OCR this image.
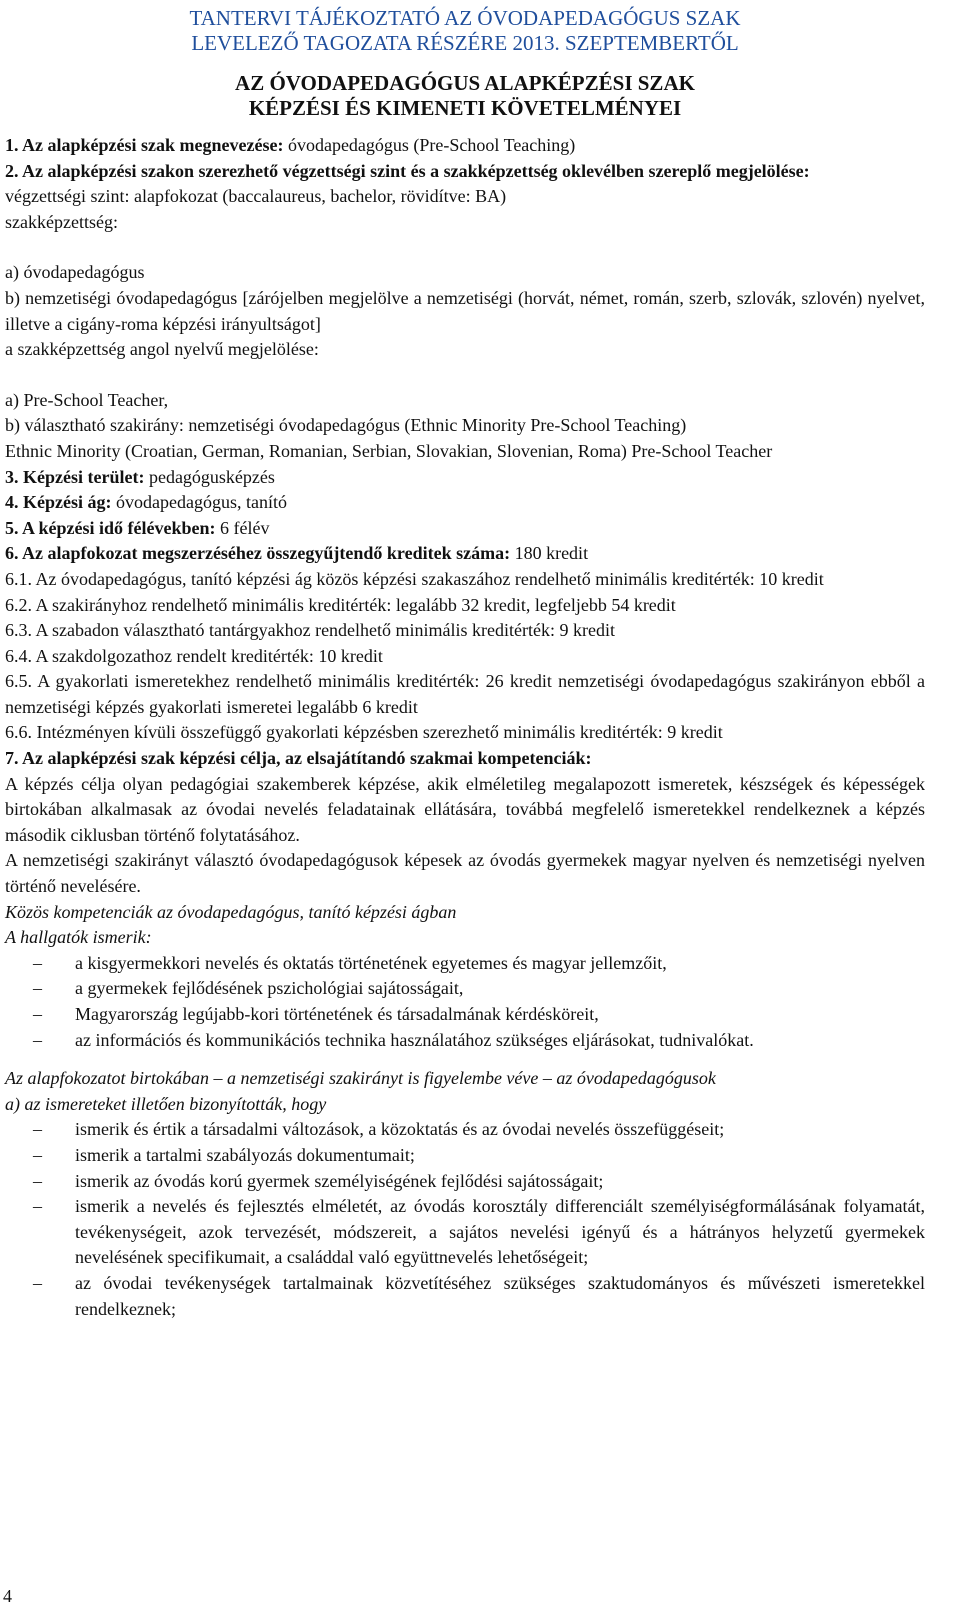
TANTERVI TÁJÉKOZTATÓ AZ ÓVODAPEDAGÓGUS SZAK
LEVELEZŐ TAGOZATA RÉSZÉRE 2013. SZEPTEMBERTŐL
AZ ÓVODAPEDAGÓGUS ALAPKÉPZÉSI SZAK
KÉPZÉSI ÉS KIMENETI KÖVETELMÉNYEI

1. Az alapképzési szak megnevezése: óvodapedagógus (Pre-School Teaching)

2. Az alapképzési szakon szerezhető végzettségi szint és a szakképzettség oklevélben szereplő megjelölése:

végzettségi szint: alapfokozat (baccalaureus, bachelor, rövidítve: BA)

szakképzettség:

a) óvodapedagógus

b) nemzetiségi óvodapedagógus [zárójelben megjelölve a nemzetiségi (horvát, német, román, szerb, szlovák, szlovén) nyelvet, illetve a cigány-roma képzési irányultságot]

a szakképzettség angol nyelvű megjelölése:

a) Pre-School Teacher,

b) választható szakirány: nemzetiségi óvodapedagógus (Ethnic Minority Pre-School Teaching)

Ethnic Minority (Croatian, German, Romanian, Serbian, Slovakian, Slovenian, Roma) Pre-School Teacher

3. Képzési terület: pedagógusképzés

4. Képzési ág: óvodapedagógus, tanító

5. A képzési idő félévekben: 6 félév

6. Az alapfokozat megszerzéséhez összegyűjtendő kreditek száma: 180 kredit

6.1. Az óvodapedagógus, tanító képzési ág közös képzési szakaszához rendelhető minimális kreditérték: 10 kredit

6.2. A szakirányhoz rendelhető minimális kreditérték: legalább 32 kredit, legfeljebb 54 kredit

6.3. A szabadon választható tantárgyakhoz rendelhető minimális kreditérték: 9 kredit

6.4. A szakdolgozathoz rendelt kreditérték: 10 kredit

6.5. A gyakorlati ismeretekhez rendelhető minimális kreditérték: 26 kredit nemzetiségi óvodapedagógus szakirányon ebből a nemzetiségi képzés gyakorlati ismeretei legalább 6 kredit

6.6. Intézményen kívüli összefüggő gyakorlati képzésben szerezhető minimális kreditérték: 9 kredit

7. Az alapképzési szak képzési célja, az elsajátítandó szakmai kompetenciák:

A képzés célja olyan pedagógiai szakemberek képzése, akik elméletileg megalapozott ismeretek, készségek és képességek birtokában alkalmasak az óvodai nevelés feladatainak ellátására, továbbá megfelelő ismeretekkel rendelkeznek a képzés második ciklusban történő folytatásához.

A nemzetiségi szakirányt választó óvodapedagógusok képesek az óvodás gyermekek magyar nyelven és nemzetiségi nyelven történő nevelésére.

Közös kompetenciák az óvodapedagógus, tanító képzési ágban

A hallgatók ismerik:

–	a kisgyermekkori nevelés és oktatás történetének egyetemes és magyar jellemzőit,
–	a gyermekek fejlődésének pszichológiai sajátosságait,
–	Magyarország legújabb-kori történetének és társadalmának kérdésköreit,
–	az információs és kommunikációs technika használatához szükséges eljárásokat, tudnivalókat.

Az alapfokozatot birtokában – a nemzetiségi szakirányt is figyelembe véve – az óvodapedagógusok

a) az ismereteket illetően bizonyították, hogy

–	ismerik és értik a társadalmi változások, a közoktatás és az óvodai nevelés összefüggéseit;
–	ismerik a tartalmi szabályozás dokumentumait;
–	ismerik az óvodás korú gyermek személyiségének fejlődési sajátosságait;
–	ismerik a nevelés és fejlesztés elméletét, az óvodás korosztály differenciált személyiségformálásának folyamatát, tevékenységeit, azok tervezését, módszereit, a sajátos nevelési igényű és a hátrányos helyzetű gyermekek nevelésének specifikumait, a családdal való együttnevelés lehetőségeit;
–	az óvodai tevékenységek tartalmainak közvetítéséhez szükséges szaktudományos és művészeti ismeretekkel rendelkeznek;
4
